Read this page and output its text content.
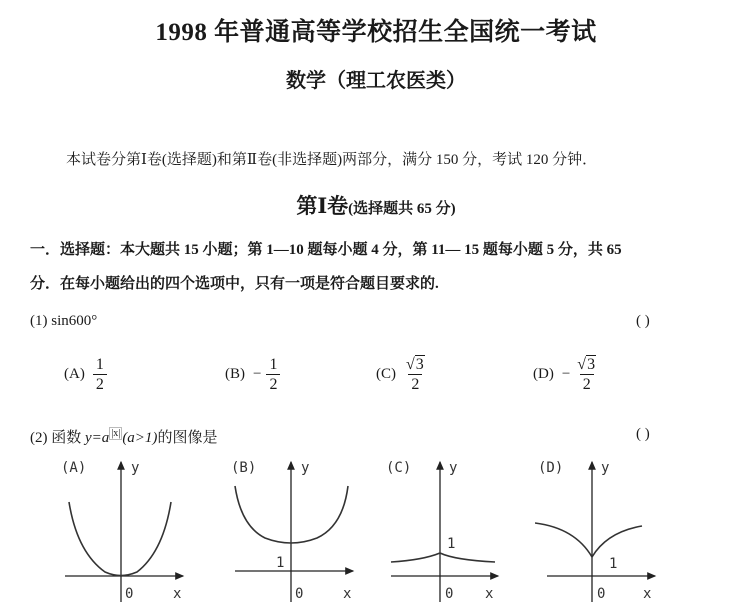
1998 年普通高等学校招生全国统一考试
数学（理工农医类）
本试卷分第Ⅰ卷(选择题)和第Ⅱ卷(非选择题)两部分，满分 150 分，考试 120 分钟．
第Ⅰ卷(选择题共 65 分)
一．选择题：本大题共 15 小题；第 1—10 题每小题 4 分，第 11— 15 题每小题 5 分，共 65
分．在每小题给出的四个选项中，只有一项是符合题目要求的.
(1) sin600°	( )
$(A) \frac{1}{2}$	$(B) - \frac{1}{2}$	$(C) \frac{√ 3}{2}$	$(D) - \frac{√ 3}{2}$
(2) 函数 y=a $^{|x|}$ (a>1)的图像是	( )
(A)	y
x
0
(B)	y
x
0
1
(C)	y
x
0
1
(D)	y
x
0
1
